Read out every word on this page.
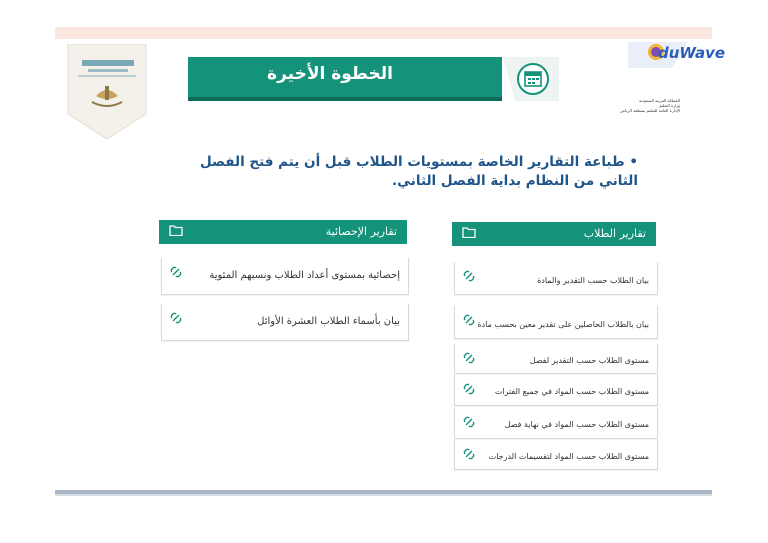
الخطوة الأخيرة
duWave
المملكة العربية السعودية
وزارة التعليم
الإدارة العامة للتعليم بمنطقة الرياض
• طباعة التقارير الخاصة بمستويات الطلاب قبل أن يتم فتح الفصل الثاني من النظام بداية الفصل الثاني.
تقارير الطلاب
بيان الطلاب حسب التقدير والمادة
بيان بالطلاب الحاصلين على تقدير معين بحسب مادة
مستوى الطلاب حسب التقدير لفصل
مستوى الطلاب حسب المواد في جميع الفترات
مستوى الطلاب حسب المواد في نهاية فصل
مستوى الطلاب حسب المواد لتقسيمات الدرجات
تقارير الإحصائية
إحصائية بمستوى أعداد الطلاب ونسبهم المئوية
بيان بأسماء الطلاب العشرة الأوائل
